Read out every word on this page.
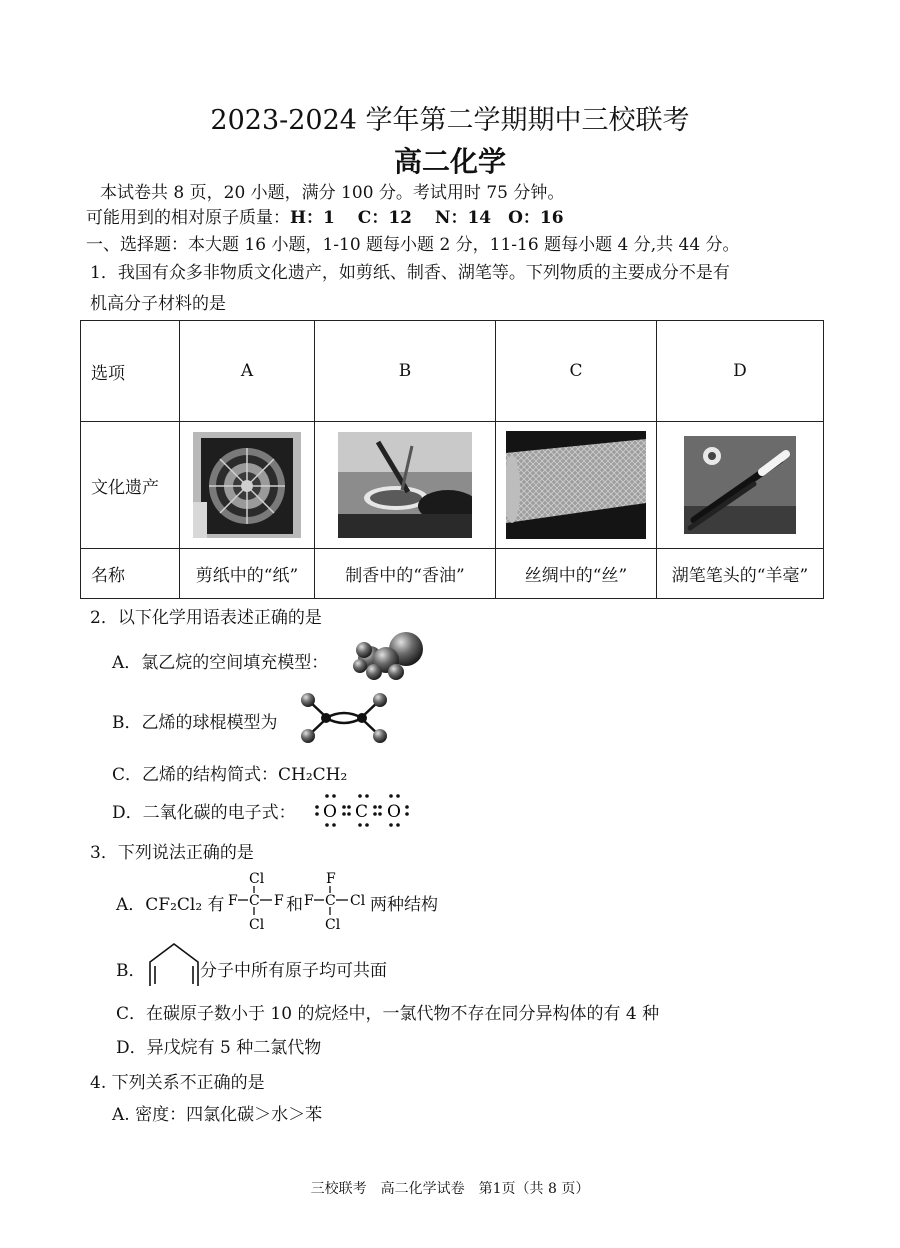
2023-2024 学年第二学期期中三校联考
高二化学
本试卷共 8 页，20 小题，满分 100 分。考试用时 75 分钟。
可能用到的相对原子质量：H：1　 C：12　 N：14　O：16
一、选择题：本大题 16 小题，1-10 题每小题 2 分，11-16 题每小题 4 分,共 44 分。
1．我国有众多非物质文化遗产，如剪纸、制香、湖笔等。下列物质的主要成分不是有
机高分子材料的是
选项	A	B	C	D
文化遗产	

名称	剪纸中的“纸”	制香中的“香油”	丝绸中的“丝”	湖笔笔头的“羊毫”
2．以下化学用语表述正确的是
A．氯乙烷的空间填充模型：
B．乙烯的球棍模型为
C．乙烯的结构简式：CH₂CH₂
D．二氧化碳的电子式： O C O
3．下列说法正确的是
A．CF₂Cl₂ 有
Cl
F C F
Cl
和
F
F C Cl
Cl
两种结构
B．	分子中所有原子均可共面
C．在碳原子数小于 10 的烷烃中，一氯代物不存在同分异构体的有 4 种
D．异戊烷有 5 种二氯代物
4. 下列关系不正确的是
A. 密度：四氯化碳＞水＞苯
三校联考　高二化学试卷　第1页（共 8 页）
